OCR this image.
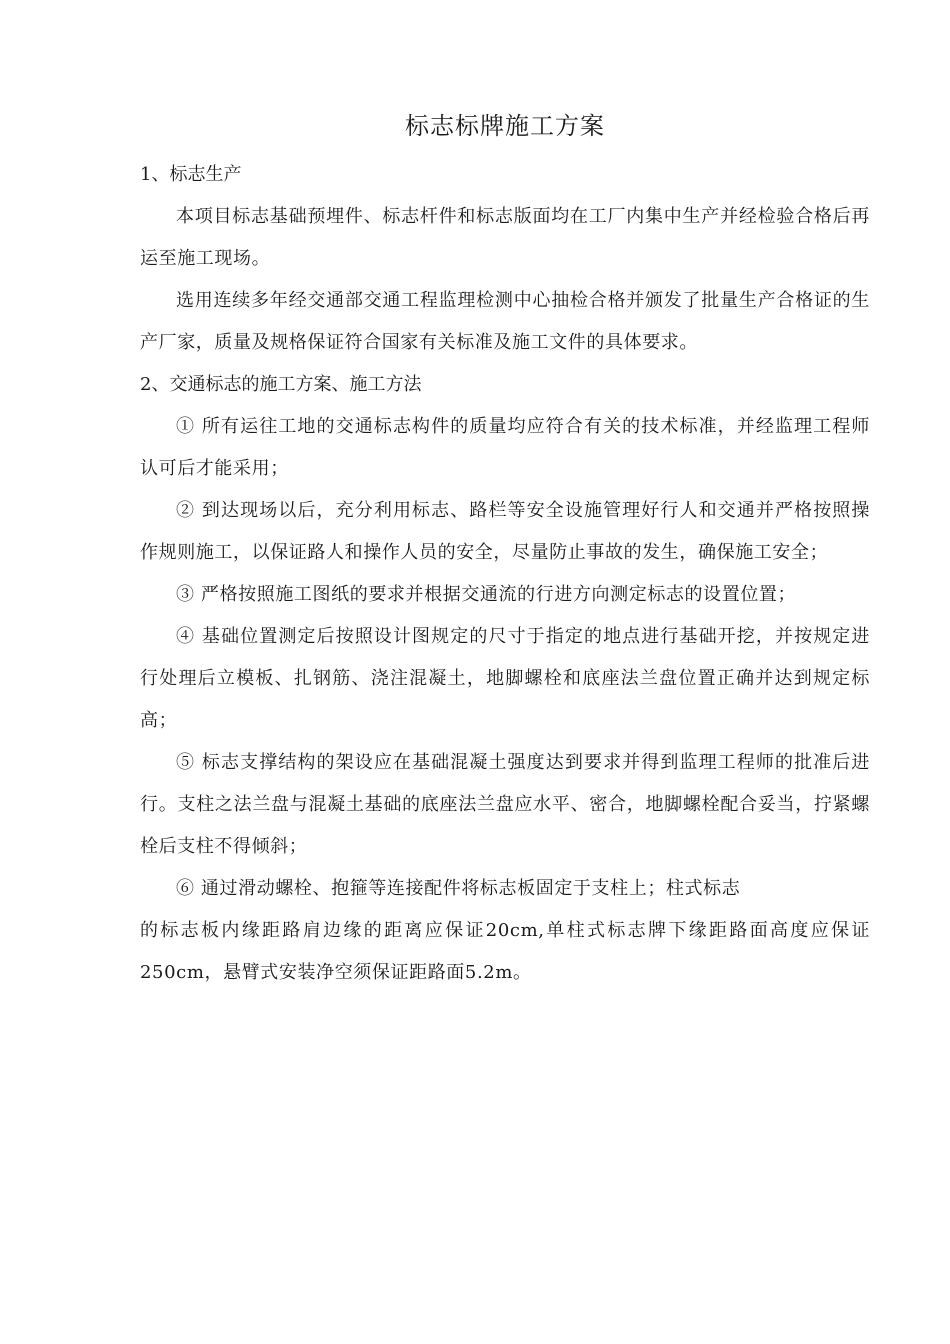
标志标牌施工方案

1、标志生产

本项目标志基础预埋件、标志杆件和标志版面均在工厂内集中生产并经检验合格后再运至施工现场。

选用连续多年经交通部交通工程监理检测中心抽检合格并颁发了批量生产合格证的生产厂家，质量及规格保证符合国家有关标准及施工文件的具体要求。

2、交通标志的施工方案、施工方法

① 所有运往工地的交通标志构件的质量均应符合有关的技术标准，并经监理工程师认可后才能采用；

② 到达现场以后，充分利用标志、路栏等安全设施管理好行人和交通并严格按照操作规则施工，以保证路人和操作人员的安全，尽量防止事故的发生，确保施工安全；

③ 严格按照施工图纸的要求并根据交通流的行进方向测定标志的设置位置；

④ 基础位置测定后按照设计图规定的尺寸于指定的地点进行基础开挖，并按规定进行处理后立模板、扎钢筋、浇注混凝土，地脚螺栓和底座法兰盘位置正确并达到规定标高；

⑤ 标志支撑结构的架设应在基础混凝土强度达到要求并得到监理工程师的批准后进行。支柱之法兰盘与混凝土基础的底座法兰盘应水平、密合，地脚螺栓配合妥当，拧紧螺栓后支柱不得倾斜；

⑥ 通过滑动螺栓、抱箍等连接配件将标志板固定于支柱上；柱式标志

的标志板内缘距路肩边缘的距离应保证20cm,单柱式标志牌下缘距路面高度应保证250cm，悬臂式安装净空须保证距路面5.2m。
